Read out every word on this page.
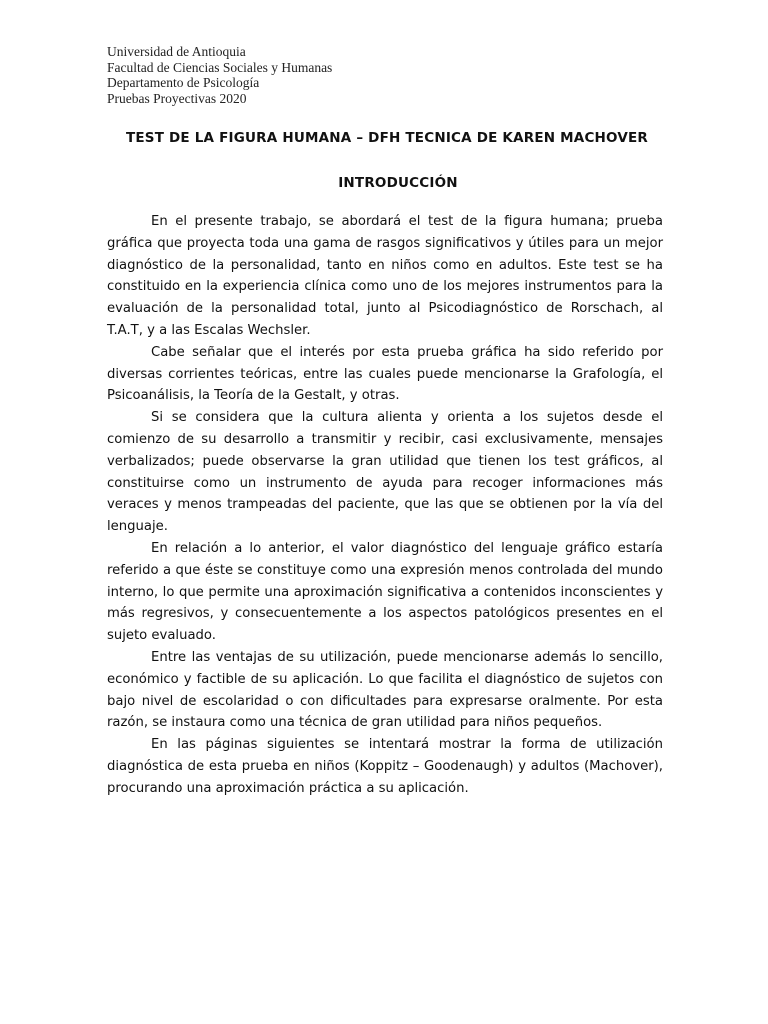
Universidad de Antioquia
Facultad de Ciencias Sociales y Humanas
Departamento de Psicología
Pruebas Proyectivas 2020
TEST DE LA FIGURA HUMANA – DFH TECNICA DE KAREN MACHOVER
INTRODUCCIÓN

En el presente trabajo, se abordará el test de la figura humana; prueba gráfica que proyecta toda una gama de rasgos significativos y útiles para un mejor diagnóstico de la personalidad, tanto en niños como en adultos. Este test se ha constituido en la experiencia clínica como uno de los mejores instrumentos para la evaluación de la personalidad total, junto al Psicodiagnóstico de Rorschach, al T.A.T, y a las Escalas Wechsler.

Cabe señalar que el interés por esta prueba gráfica ha sido referido por diversas corrientes teóricas, entre las cuales puede mencionarse la Grafología, el Psicoanálisis, la Teoría de la Gestalt, y otras.

Si se considera que la cultura alienta y orienta a los sujetos desde el comienzo de su desarrollo a transmitir y recibir, casi exclusivamente, mensajes verbalizados; puede observarse la gran utilidad que tienen los test gráficos, al constituirse como un instrumento de ayuda para recoger informaciones más veraces y menos trampeadas del paciente, que las que se obtienen por la vía del lenguaje.

En relación a lo anterior, el valor diagnóstico del lenguaje gráfico estaría referido a que éste se constituye como una expresión menos controlada del mundo interno, lo que permite una aproximación significativa a contenidos inconscientes y más regresivos, y consecuentemente a los aspectos patológicos presentes en el sujeto evaluado.

Entre las ventajas de su utilización, puede mencionarse además lo sencillo, económico y factible de su aplicación. Lo que facilita el diagnóstico de sujetos con bajo nivel de escolaridad o con dificultades para expresarse oralmente. Por esta razón, se instaura como una técnica de gran utilidad para niños pequeños.

En las páginas siguientes se intentará mostrar la forma de utilización diagnóstica de esta prueba en niños (Koppitz – Goodenaugh) y adultos (Machover), procurando una aproximación práctica a su aplicación.
